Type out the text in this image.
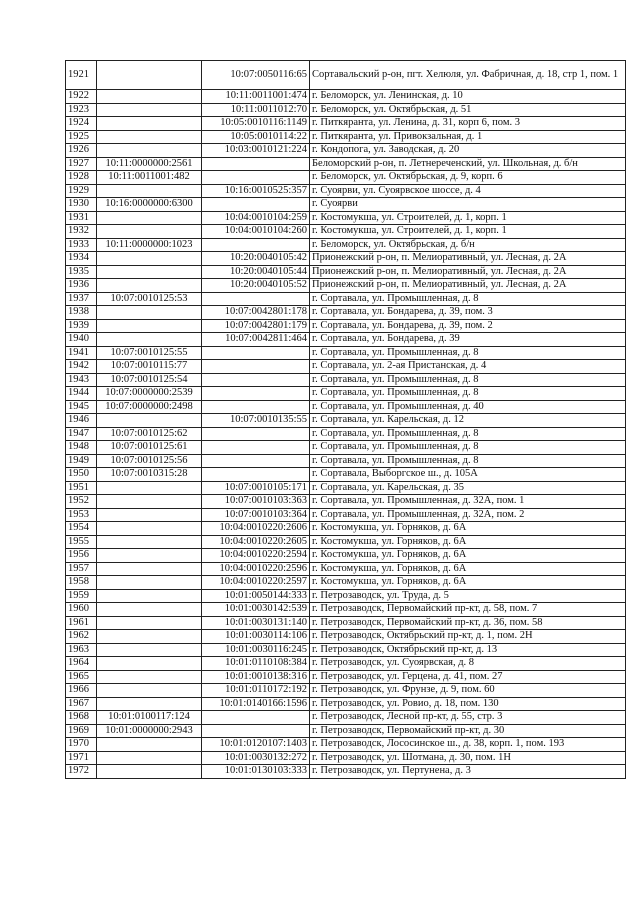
1921		10:07:0050116:65	Сортавальский р-он, пгт. Хелюля, ул. Фабричная, д. 18, стр 1, пом. 1
1922		10:11:0011001:474	г. Беломорск, ул. Ленинская, д. 10
1923		10:11:0011012:70	г. Беломорск, ул. Октябрьская, д. 51
1924		10:05:0010116:1149	г. Питкяранта, ул. Ленина, д. 31, корп 6, пом. 3
1925		10:05:0010114:22	г. Питкяранта, ул. Привокзальная, д. 1
1926		10:03:0010121:224	г. Кондопога, ул. Заводская, д. 20
1927	10:11:0000000:2561		Беломорский р-он, п. Летнереченский, ул. Школьная, д. б/н
1928	10:11:0011001:482		г. Беломорск, ул. Октябрьская, д. 9, корп. 6
1929		10:16:0010525:357	г. Суоярви, ул. Суоярвское шоссе, д. 4
1930	10:16:0000000:6300		г. Суоярви
1931		10:04:0010104:259	г. Костомукша, ул. Строителей, д. 1, корп. 1
1932		10:04:0010104:260	г. Костомукша, ул. Строителей, д. 1, корп. 1
1933	10:11:0000000:1023		г. Беломорск, ул. Октябрьская, д. б/н
1934		10:20:0040105:42	Прионежский р-он, п. Мелиоративный, ул. Лесная, д. 2А
1935		10:20:0040105:44	Прионежский р-он, п. Мелиоративный, ул. Лесная, д. 2А
1936		10:20:0040105:52	Прионежский р-он, п. Мелиоративный, ул. Лесная, д. 2А
1937	10:07:0010125:53		г. Сортавала, ул. Промышленная, д. 8
1938		10:07:0042801:178	г. Сортавала, ул. Бондарева, д. 39, пом. 3
1939		10:07:0042801:179	г. Сортавала, ул. Бондарева, д. 39, пом. 2
1940		10:07:0042811:464	г. Сортавала, ул. Бондарева, д. 39
1941	10:07:0010125:55		г. Сортавала, ул. Промышленная, д. 8
1942	10:07:0010115:77		г. Сортавала, ул. 2-ая Пристанская, д. 4
1943	10:07:0010125:54		г. Сортавала, ул. Промышленная, д. 8
1944	10:07:0000000:2539		г. Сортавала, ул. Промышленная, д. 8
1945	10:07:0000000:2498		г. Сортавала, ул. Промышленная, д. 40
1946		10:07:0010135:55	г. Сортавала, ул. Карельская, д. 12
1947	10:07:0010125:62		г. Сортавала, ул. Промышленная, д. 8
1948	10:07:0010125:61		г. Сортавала, ул. Промышленная, д. 8
1949	10:07:0010125:56		г. Сортавала, ул. Промышленная, д. 8
1950	10:07:0010315:28		г. Сортавала, Выборгское ш., д. 105А
1951		10:07:0010105:171	г. Сортавала, ул. Карельская, д. 35
1952		10:07:0010103:363	г. Сортавала, ул. Промышленная, д. 32А, пом. 1
1953		10:07:0010103:364	г. Сортавала, ул. Промышленная, д. 32А, пом. 2
1954		10:04:0010220:2606	г. Костомукша, ул. Горняков, д. 6А
1955		10:04:0010220:2605	г. Костомукша, ул. Горняков, д. 6А
1956		10:04:0010220:2594	г. Костомукша, ул. Горняков, д. 6А
1957		10:04:0010220:2596	г. Костомукша, ул. Горняков, д. 6А
1958		10:04:0010220:2597	г. Костомукша, ул. Горняков, д. 6А
1959		10:01:0050144:333	г. Петрозаводск, ул. Труда, д. 5
1960		10:01:0030142:539	г. Петрозаводск, Первомайский пр-кт, д. 58, пом. 7
1961		10:01:0030131:140	г. Петрозаводск, Первомайский пр-кт, д. 36, пом. 58
1962		10:01:0030114:106	г. Петрозаводск, Октябрьский пр-кт, д. 1, пом. 2Н
1963		10:01:0030116:245	г. Петрозаводск, Октябрьский пр-кт, д. 13
1964		10:01:0110108:384	г. Петрозаводск, ул. Суоярвская, д. 8
1965		10:01:0010138:316	г. Петрозаводск, ул. Герцена, д. 41, пом. 27
1966		10:01:0110172:192	г. Петрозаводск, ул. Фрунзе, д. 9, пом. 60
1967		10:01:0140166:1596	г. Петрозаводск, ул. Ровио, д. 18, пом. 130
1968	10:01:0100117:124		г. Петрозаводск, Лесной пр-кт, д. 55, стр. 3
1969	10:01:0000000:2943		г. Петрозаводск, Первомайский пр-кт, д. 30
1970		10:01:0120107:1403	г. Петрозаводск, Лососинское ш., д. 38, корп. 1, пом. 193
1971		10:01:0030132:272	г. Петрозаводск, ул. Шотмана, д. 30, пом. 1Н
1972		10:01:0130103:333	г. Петрозаводск, ул. Пертунена, д. 3
